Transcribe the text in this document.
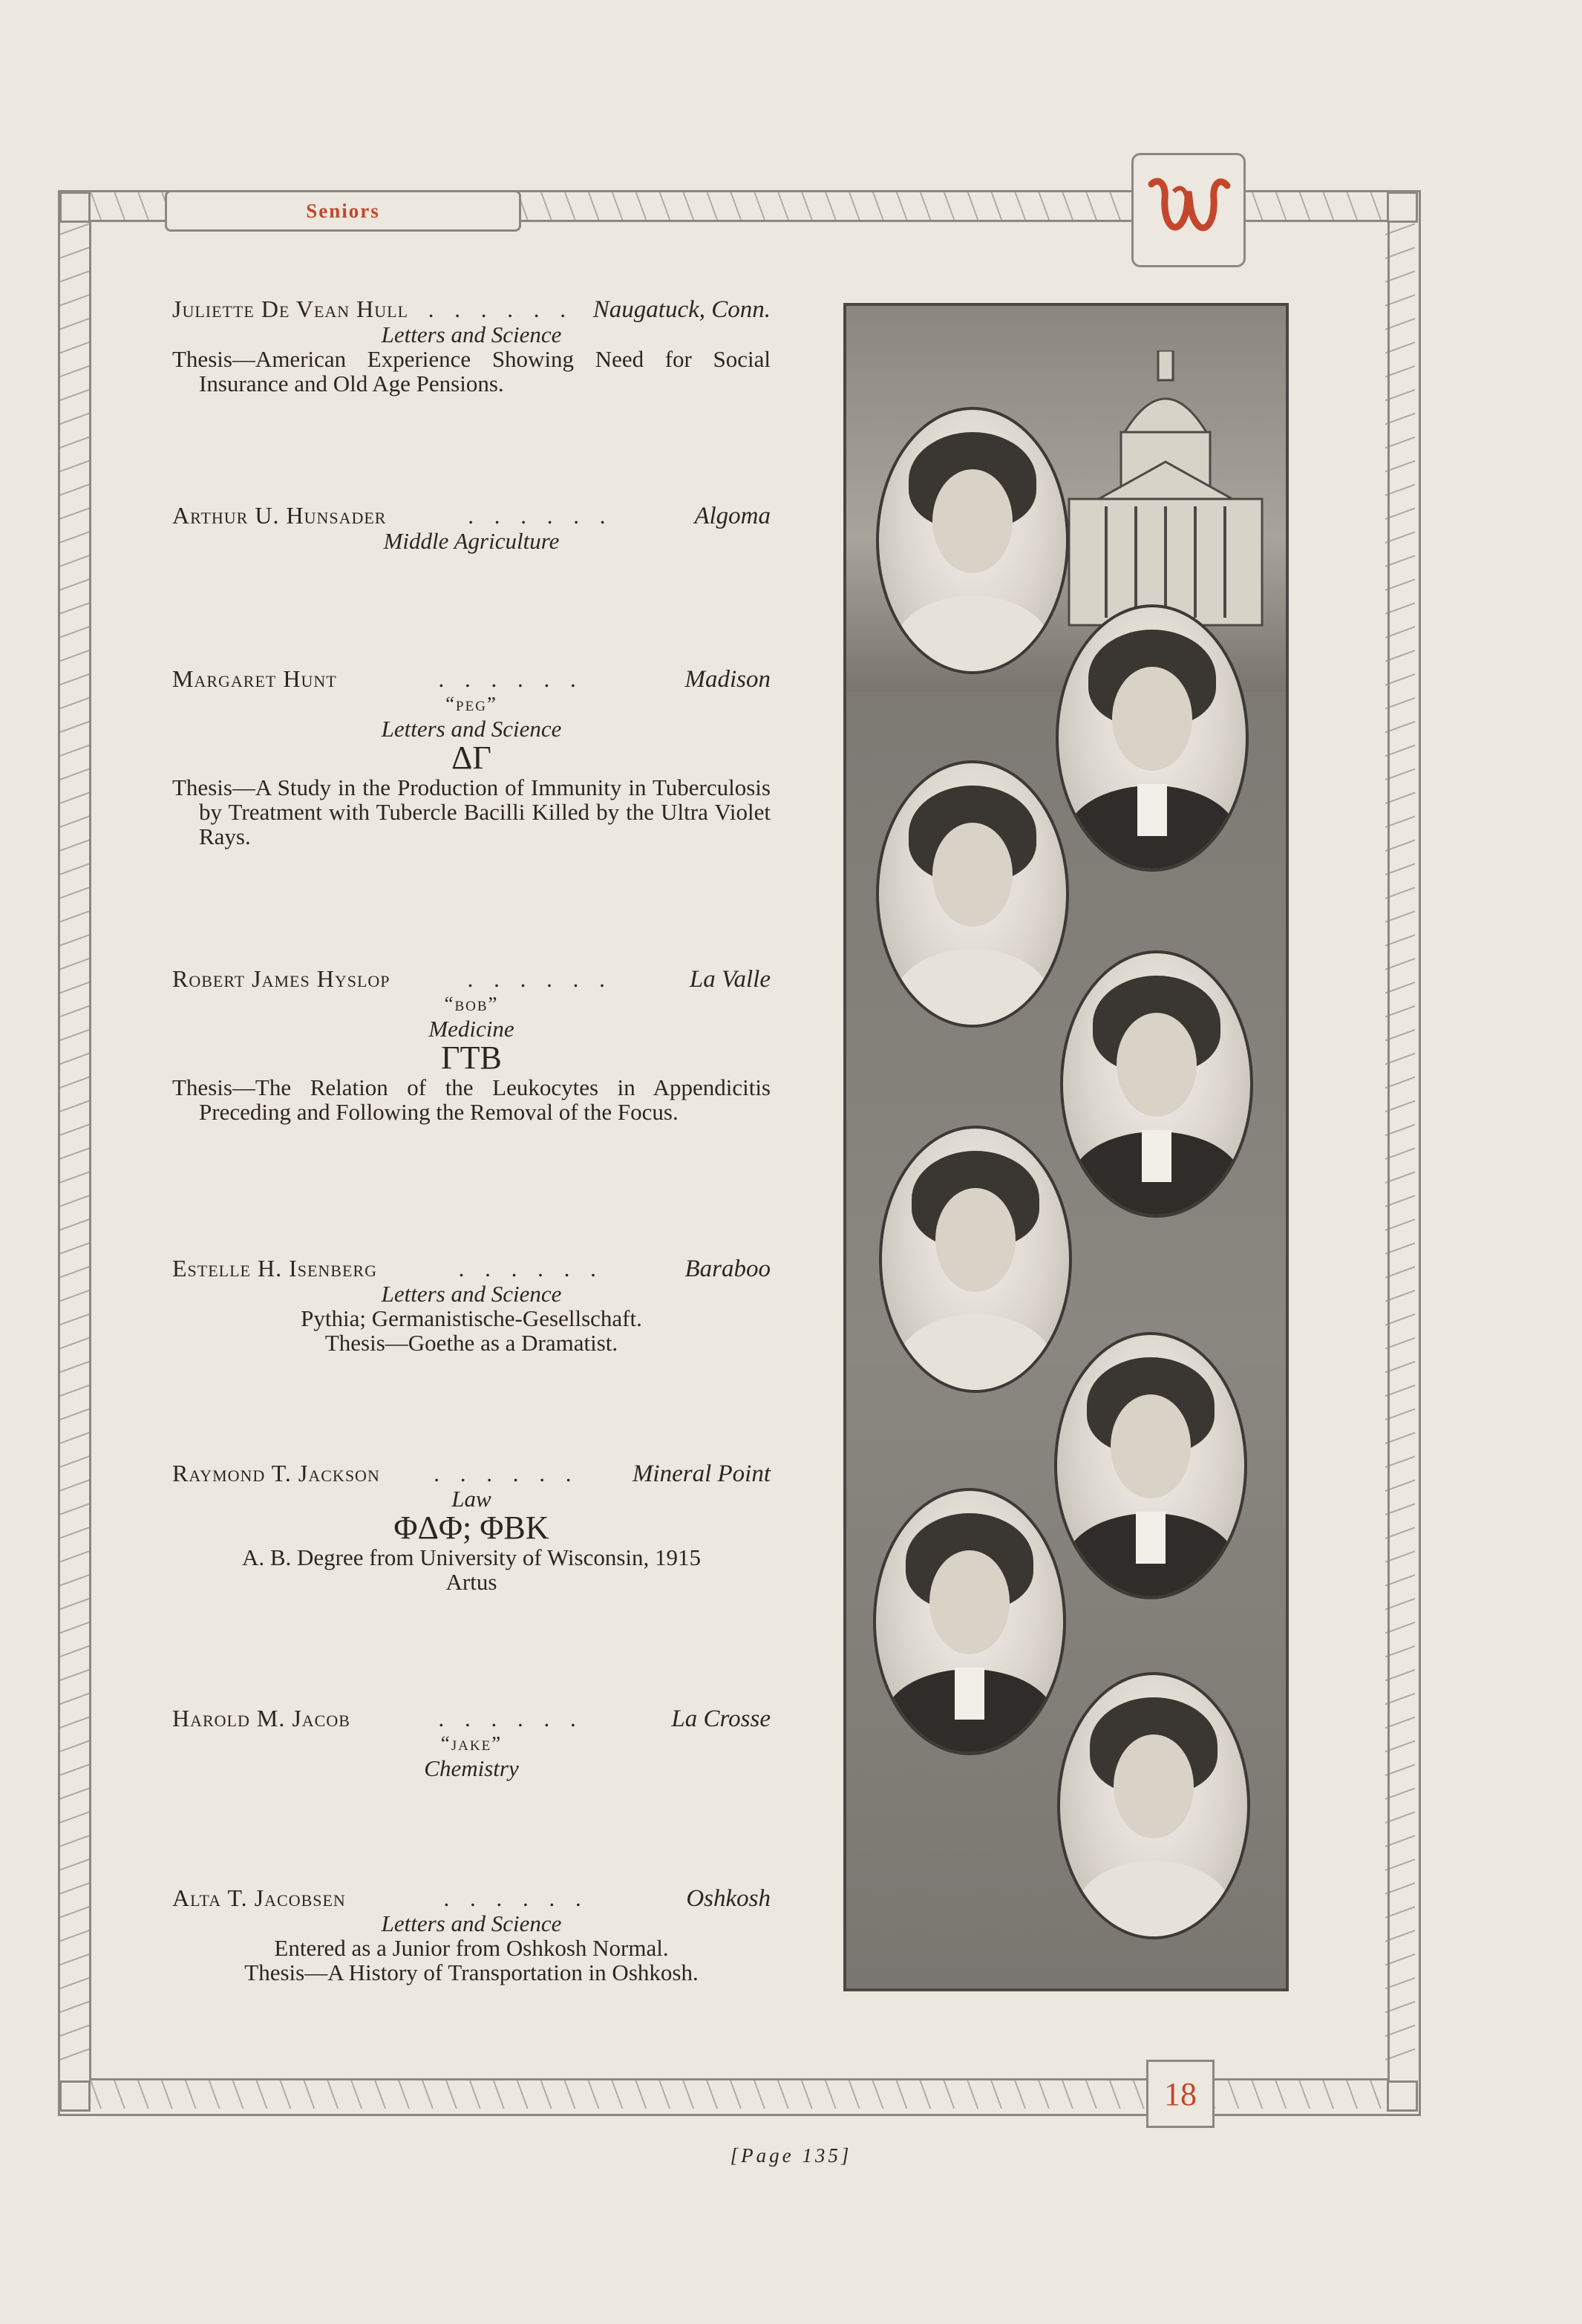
Seniors
Juliette De Vean Hull . . . . . . Naugatuck, Conn.
Letters and Science
Thesis—American Experience Showing Need for Social Insurance and Old Age Pensions.
Arthur U. Hunsader	. . . . . .	Algoma
Middle Agriculture
Margaret Hunt	. . . . . .	Madison
“peg”
Letters and Science
ΔΓ
Thesis—A Study in the Production of Immunity in Tuberculosis by Treatment with Tubercle Bacilli Killed by the Ultra Violet Rays.
Robert James Hyslop	. . . . . .	La Valle
“bob”
Medicine
ΓΤΒ
Thesis—The Relation of the Leukocytes in Appendicitis Preceding and Following the Removal of the Focus.
Estelle H. Isenberg	. . . . . .	Baraboo
Letters and Science
Pythia; Germanistische-Gesellschaft.
Thesis—Goethe as a Dramatist.
Raymond T. Jackson	. . . . . .	Mineral Point
Law
ΦΔΦ; ΦΒΚ
A. B. Degree from University of Wisconsin, 1915
Artus
Harold M. Jacob	. . . . . .	La Crosse
“jake”
Chemistry
Alta T. Jacobsen	. . . . . .	Oshkosh
Letters and Science
Entered as a Junior from Oshkosh Normal.
Thesis—A History of Transportation in Oshkosh.
18
[Page 135]
